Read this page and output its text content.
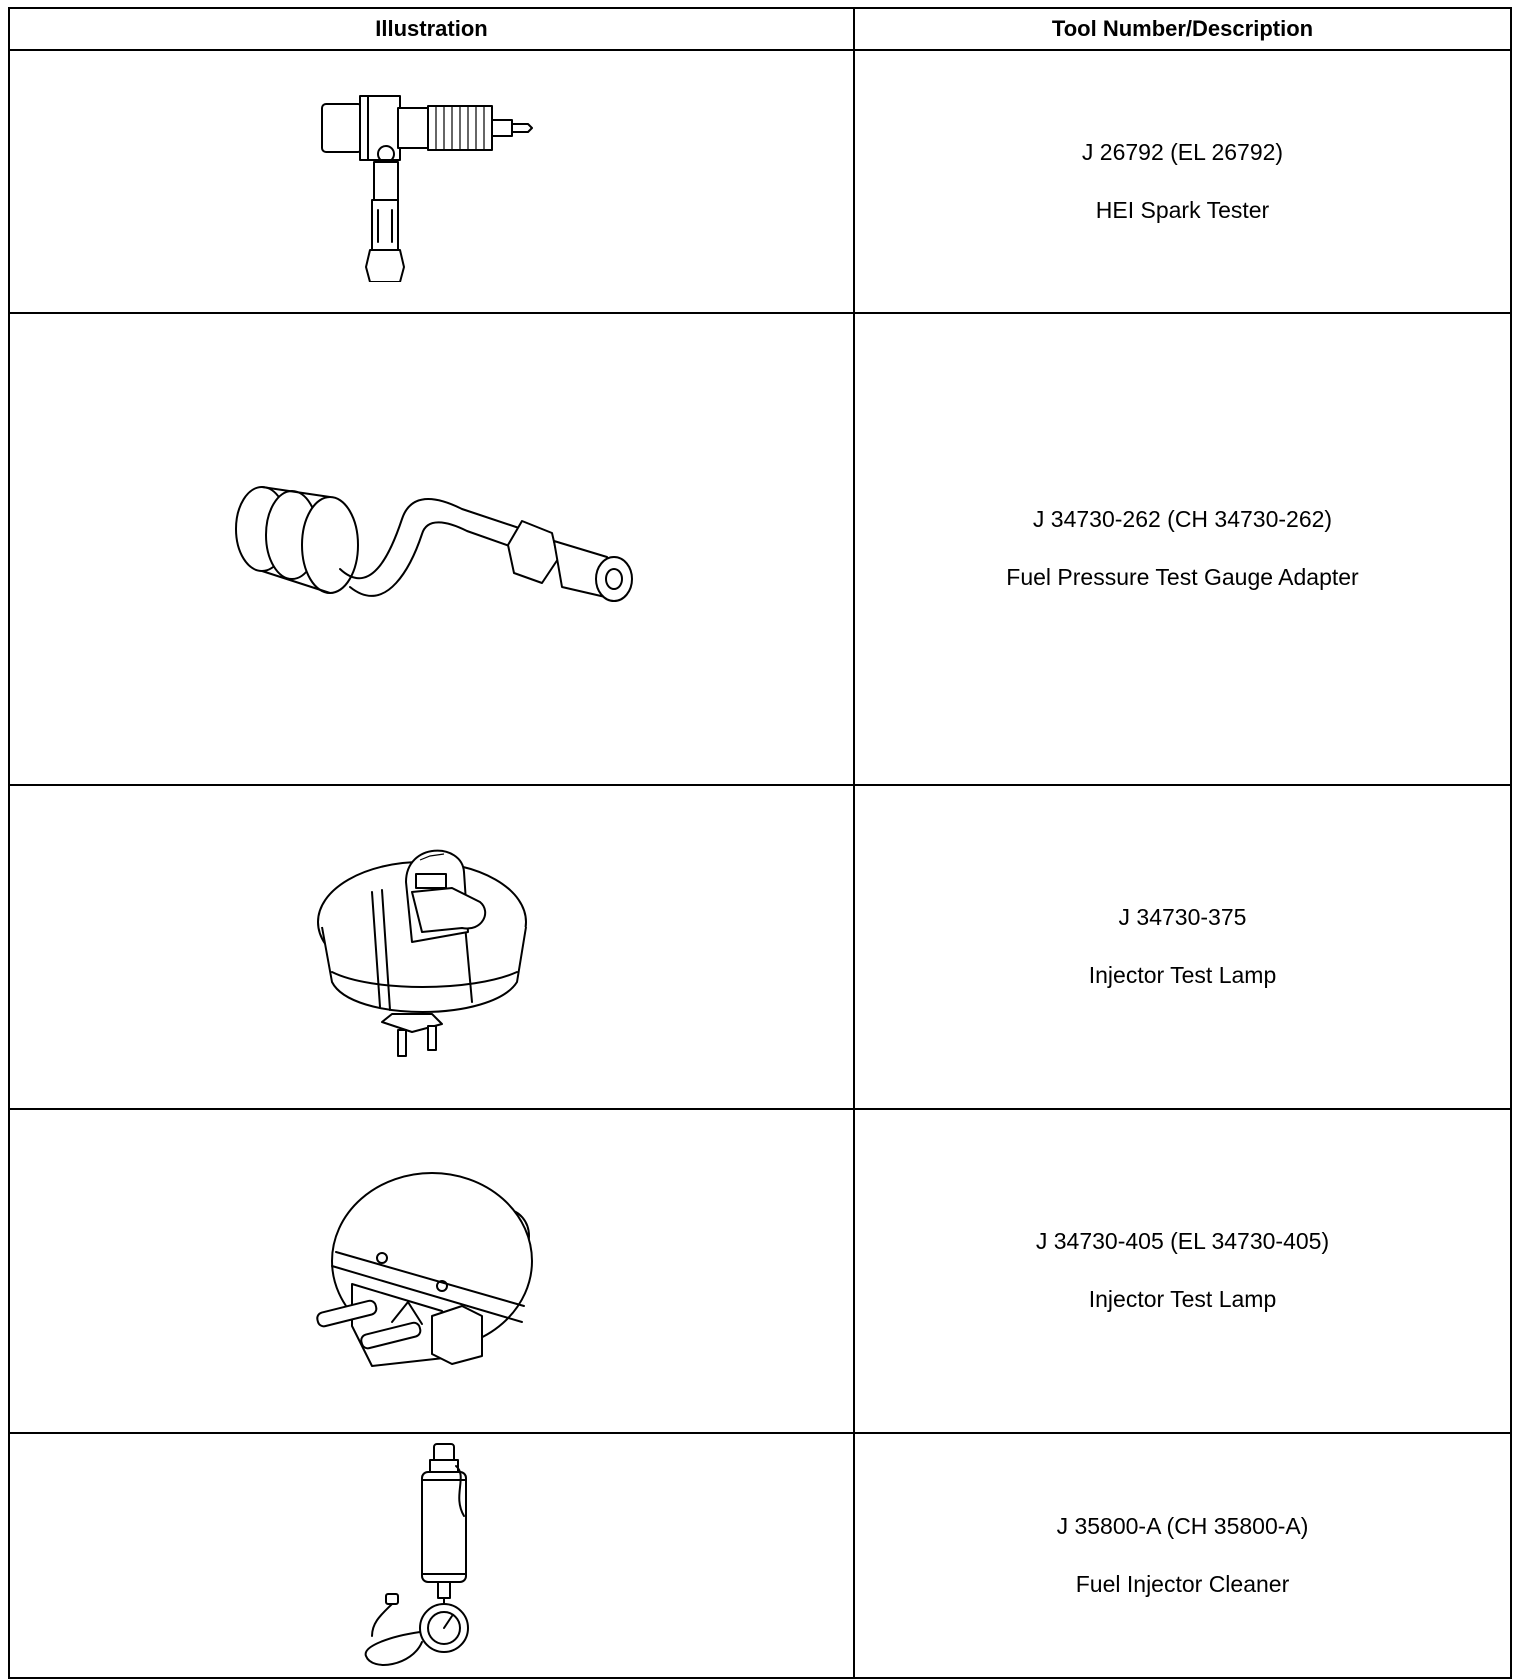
Illustration	Tool Number/Description

J 26792 (EL 26792)
HEI Spark Tester

J 34730-262 (CH 34730-262)
Fuel Pressure Test Gauge Adapter

J 34730-375
Injector Test Lamp

J 34730-405 (EL 34730-405)
Injector Test Lamp

J 35800-A (CH 35800-A)
Fuel Injector Cleaner
